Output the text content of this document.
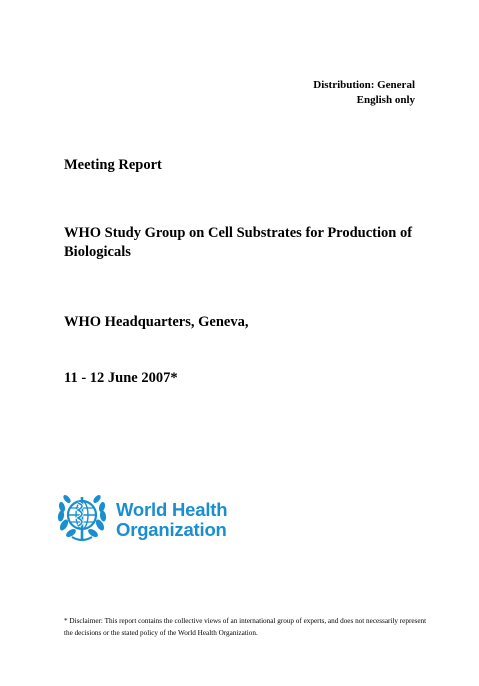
Distribution: General
English only

Meeting Report

WHO Study Group on Cell Substrates for Production of Biologicals

WHO Headquarters, Geneva,

11 - 12 June 2007*

World Health
Organization

* Disclaimer: This report contains the collective views of an international group of experts, and does not necessarily represent the decisions or the stated policy of the World Health Organization.
